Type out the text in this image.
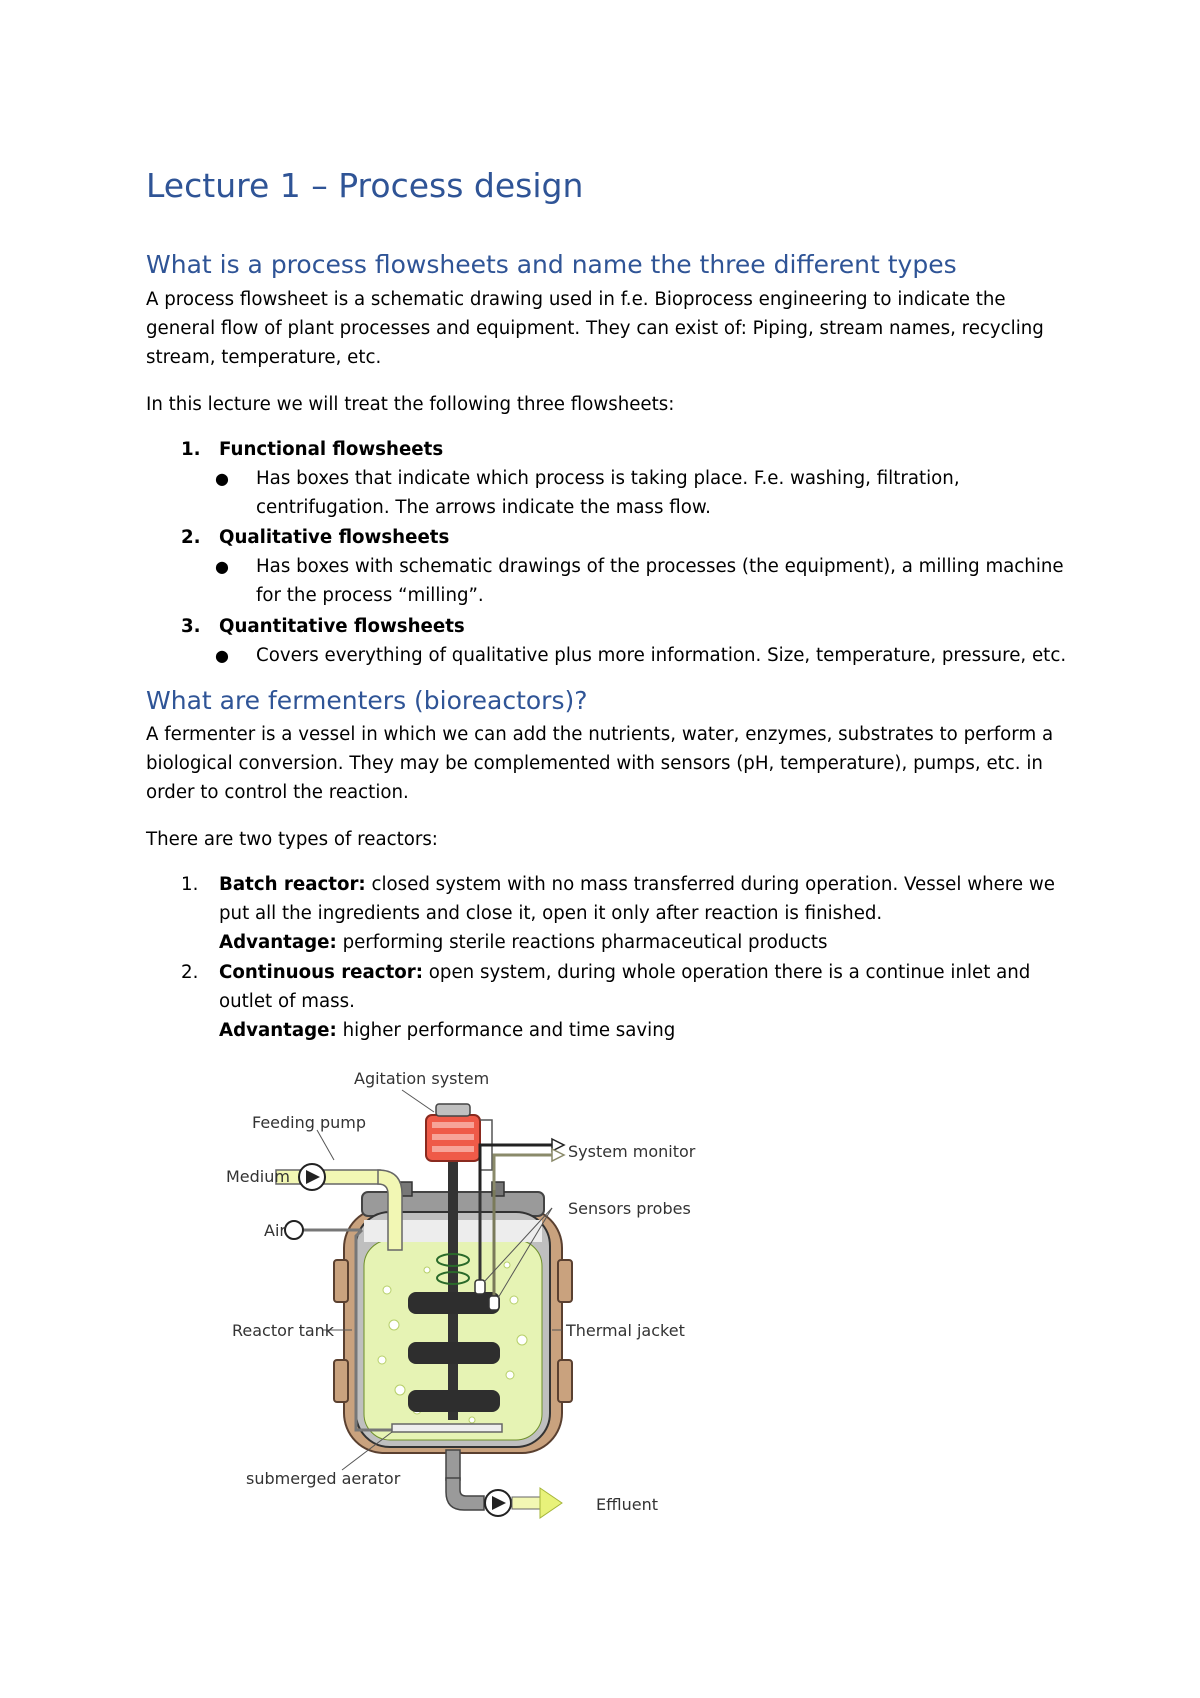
Lecture 1 – Process design
What is a process flowsheets and name the three different types

A process flowsheet is a schematic drawing used in f.e. Bioprocess engineering to indicate the

general flow of plant processes and equipment. They can exist of: Piping, stream names, recycling

stream, temperature, etc.

In this lecture we will treat the following three flowsheets:

1. Functional flowsheets

● Has boxes that indicate which process is taking place. F.e. washing, filtration,

centrifugation. The arrows indicate the mass flow.

2. Qualitative flowsheets

● Has boxes with schematic drawings of the processes (the equipment), a milling machine

for the process “milling”.

3. Quantitative flowsheets

● Covers everything of qualitative plus more information. Size, temperature, pressure, etc.

What are fermenters (bioreactors)?

A fermenter is a vessel in which we can add the nutrients, water, enzymes, substrates to perform a

biological conversion. They may be complemented with sensors (pH, temperature), pumps, etc. in

order to control the reaction.

There are two types of reactors:

1. Batch reactor: closed system with no mass transferred during operation. Vessel where we

put all the ingredients and close it, open it only after reaction is finished.

Advantage: performing sterile reactions pharmaceutical products

2. Continuous reactor: open system, during whole operation there is a continue inlet and

outlet of mass.

Advantage: higher performance and time saving

Agitation system
Feeding pump
Medium
Air
System monitor
Sensors probes
Reactor tank	Thermal jacket
submerged aerator
Effluent
